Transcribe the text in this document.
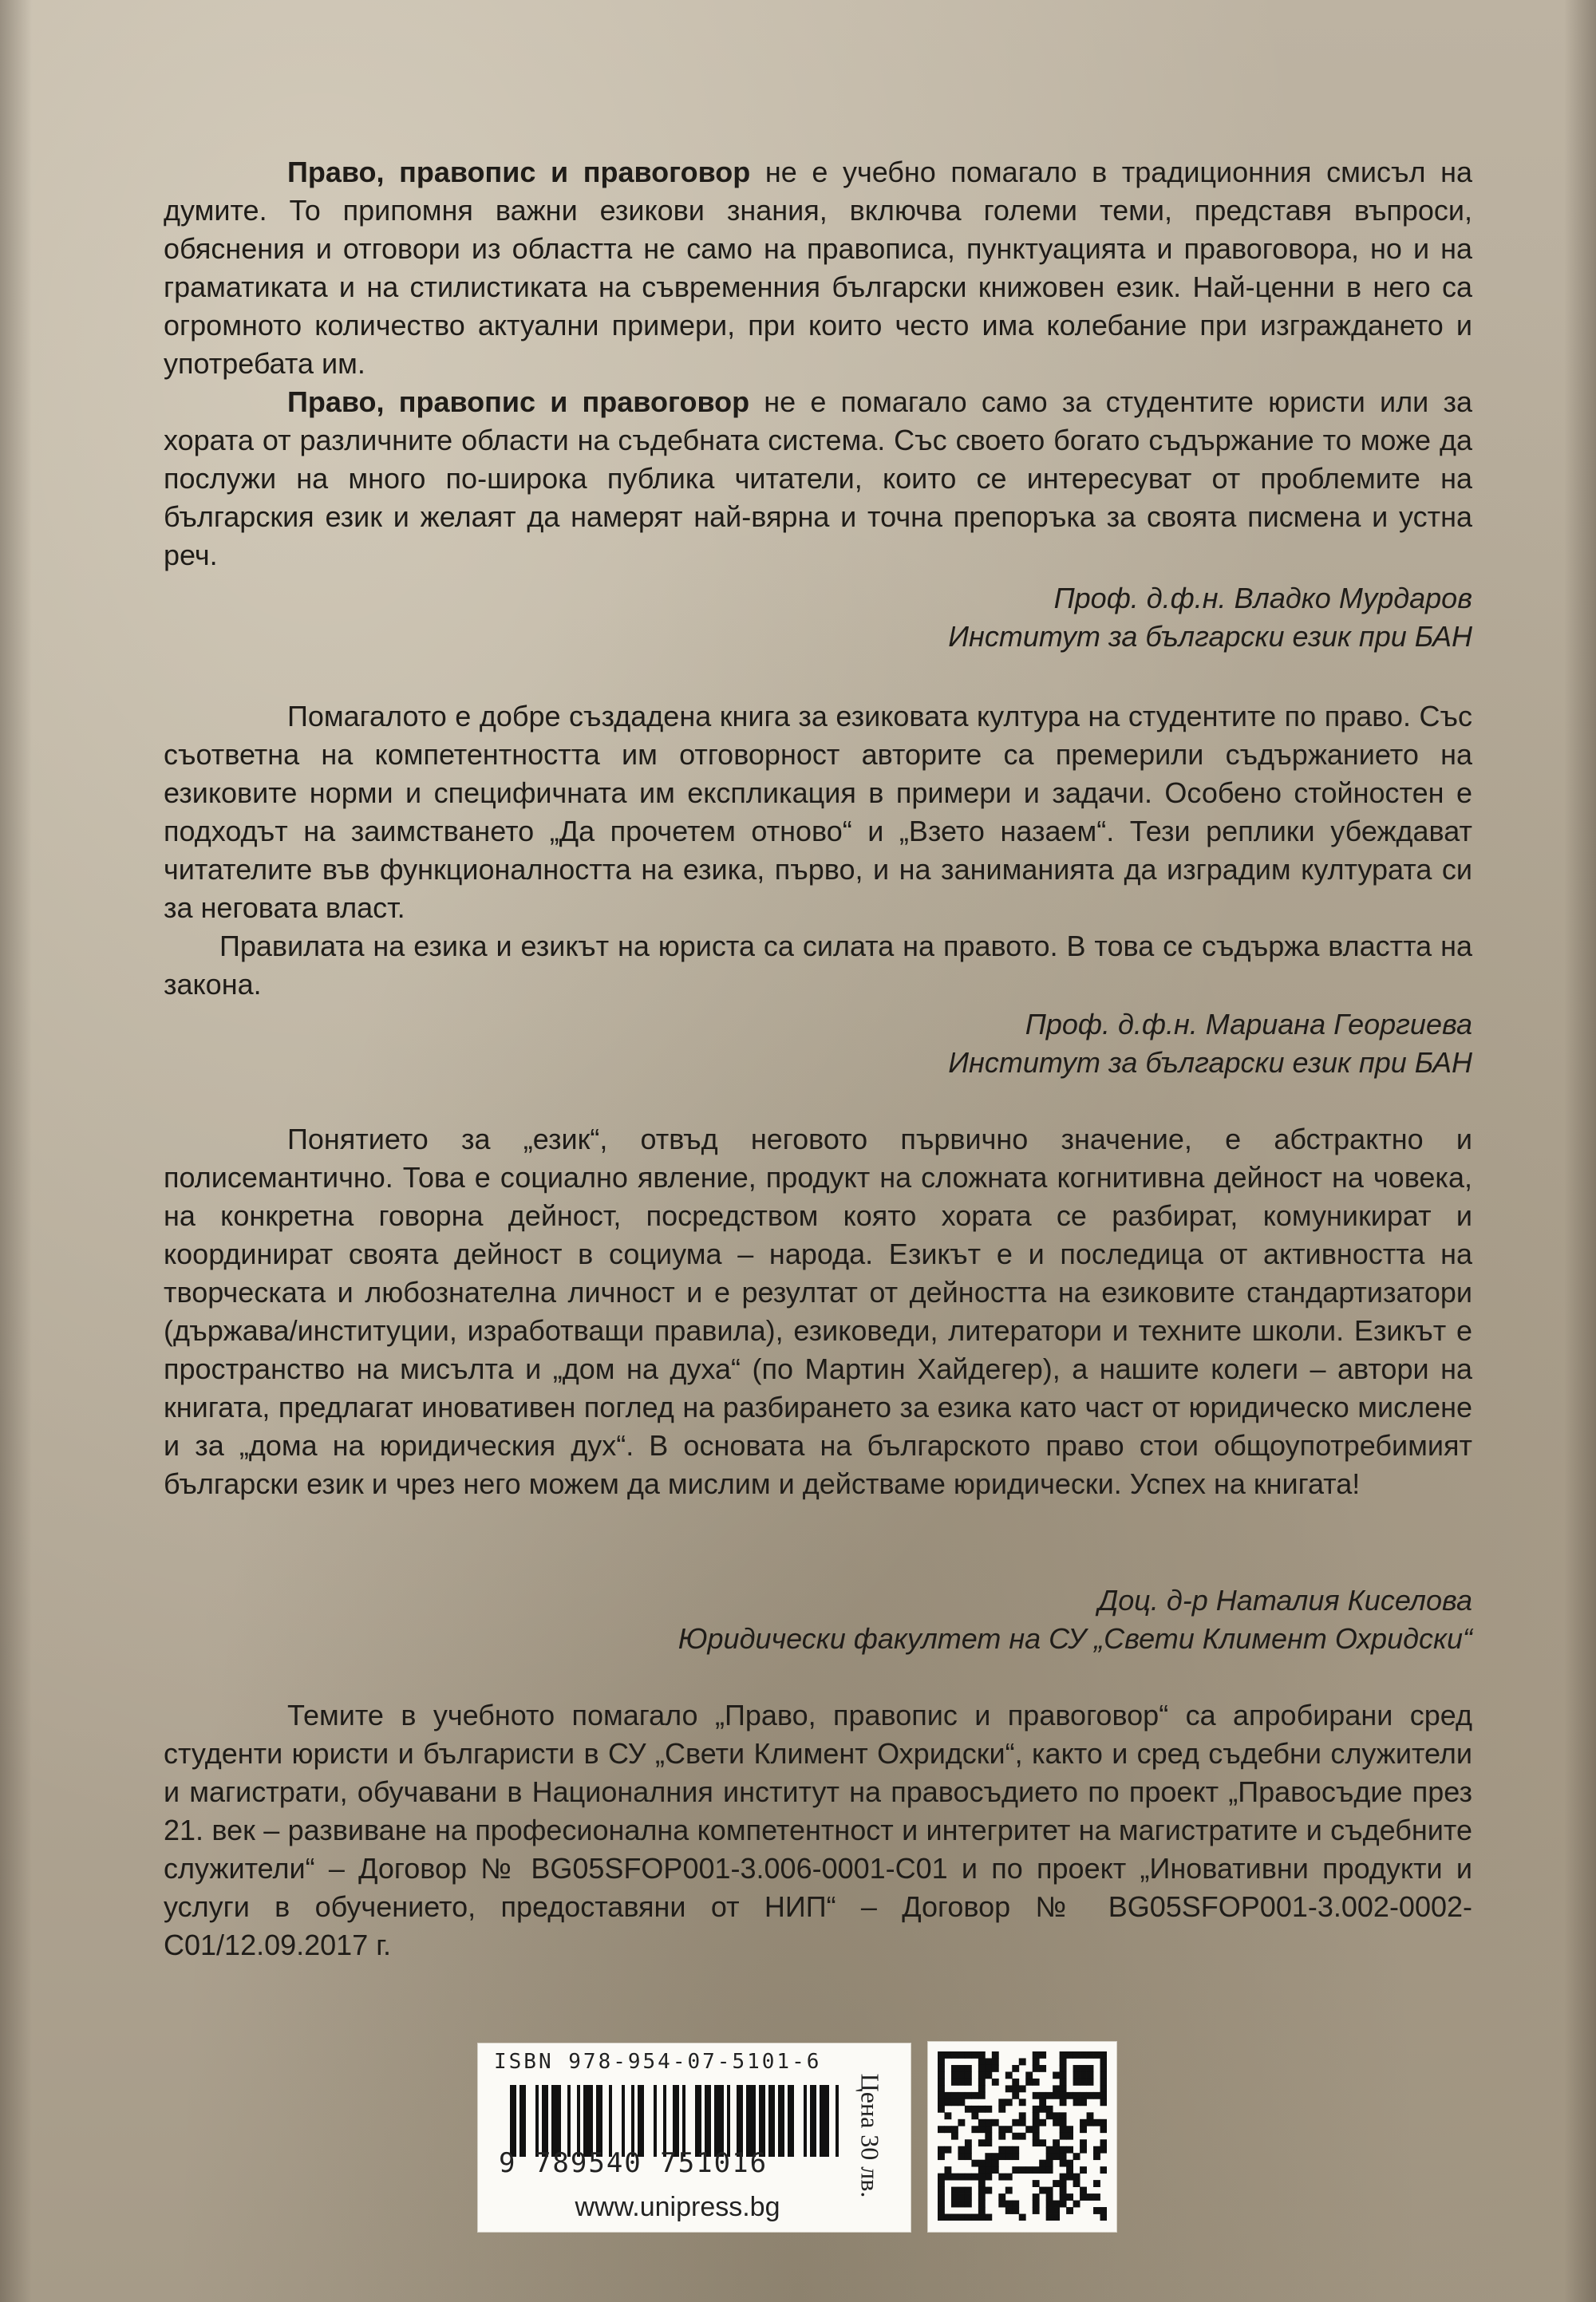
Право, правопис и правоговор не е учебно помагало в традиционния смисъл на думите. То припомня важни езикови знания, включва големи теми, представя въпроси, обяснения и отговори из областта не само на правописа, пунктуацията и правоговора, но и на граматиката и на стилистиката на съвременния български книжовен език. Най-ценни в него са огромното количество актуални примери, при които често има колебание при изграждането и употребата им.

Право, правопис и правоговор не е помагало само за студентите юристи или за хората от различните области на съдебната система. Със своето богато съдържание то може да послужи на много по-широка публика читатели, които се интересуват от проблемите на българския език и желаят да намерят най-вярна и точна препоръка за своята писмена и устна реч.

Проф. д.ф.н. Владко Мурдаров
Институт за български език при БАН

Помагалото е добре създадена книга за езиковата култура на студентите по право. Със съответна на компетентността им отговорност авторите са премерили съдържанието на езиковите норми и специфичната им експликация в примери и задачи. Особено стойностен е подходът на заимстването „Да прочетем отново“ и „Взето назаем“. Тези реплики убеждават читателите във функционалността на езика, първо, и на заниманията да изградим културата си за неговата власт.

Правилата на езика и езикът на юриста са силата на правото. В това се съдържа властта на закона.

Проф. д.ф.н. Мариана Георгиева
Институт за български език при БАН

Понятието за „език“, отвъд неговото първично значение, е абстрактно и полисемантично. Това е социално явление, продукт на сложната когнитивна дейност на човека, на конкретна говорна дейност, посредством която хората се разбират, комуникират и координират своята дейност в социума – народа. Езикът е и последица от активността на творческата и любознателна личност и е резултат от дейността на езиковите стандартизатори (държава/институции, изработващи правила), езиковеди, литератори и техните школи. Езикът е пространство на мисълта и „дом на духа“ (по Мартин Хайдегер), а нашите колеги – автори на книгата, предлагат иновативен поглед на разбирането за езика като част от юридическо мислене и за „дома на юридическия дух“. В основата на българското право стои общоупотребимият български език и чрез него можем да мислим и действаме юридически. Успех на книгата!

Доц. д-р Наталия Киселова
Юридически факултет на СУ „Свети Климент Охридски“

Темите в учебното помагало „Право, правопис и правоговор“ са апробирани сред студенти юристи и българисти в СУ „Свети Климент Охридски“, както и сред съдебни служители и магистрати, обучавани в Националния институт на правосъдието по проект „Правосъдие през 21. век – развиване на професионална компетентност и интегритет на магистратите и съдебните служители“ – Договор № BG05SFOP001-3.006-0001-C01 и по проект „Иновативни продукти и услуги в обучението, предоставяни от НИП“ – Договор № BG05SFOP001-3.002-0002-C01/12.09.2017 г.

ISBN 978-954-07-5101-6
9 789540 751016
www.unipress.bg
Цена 30 лв.
